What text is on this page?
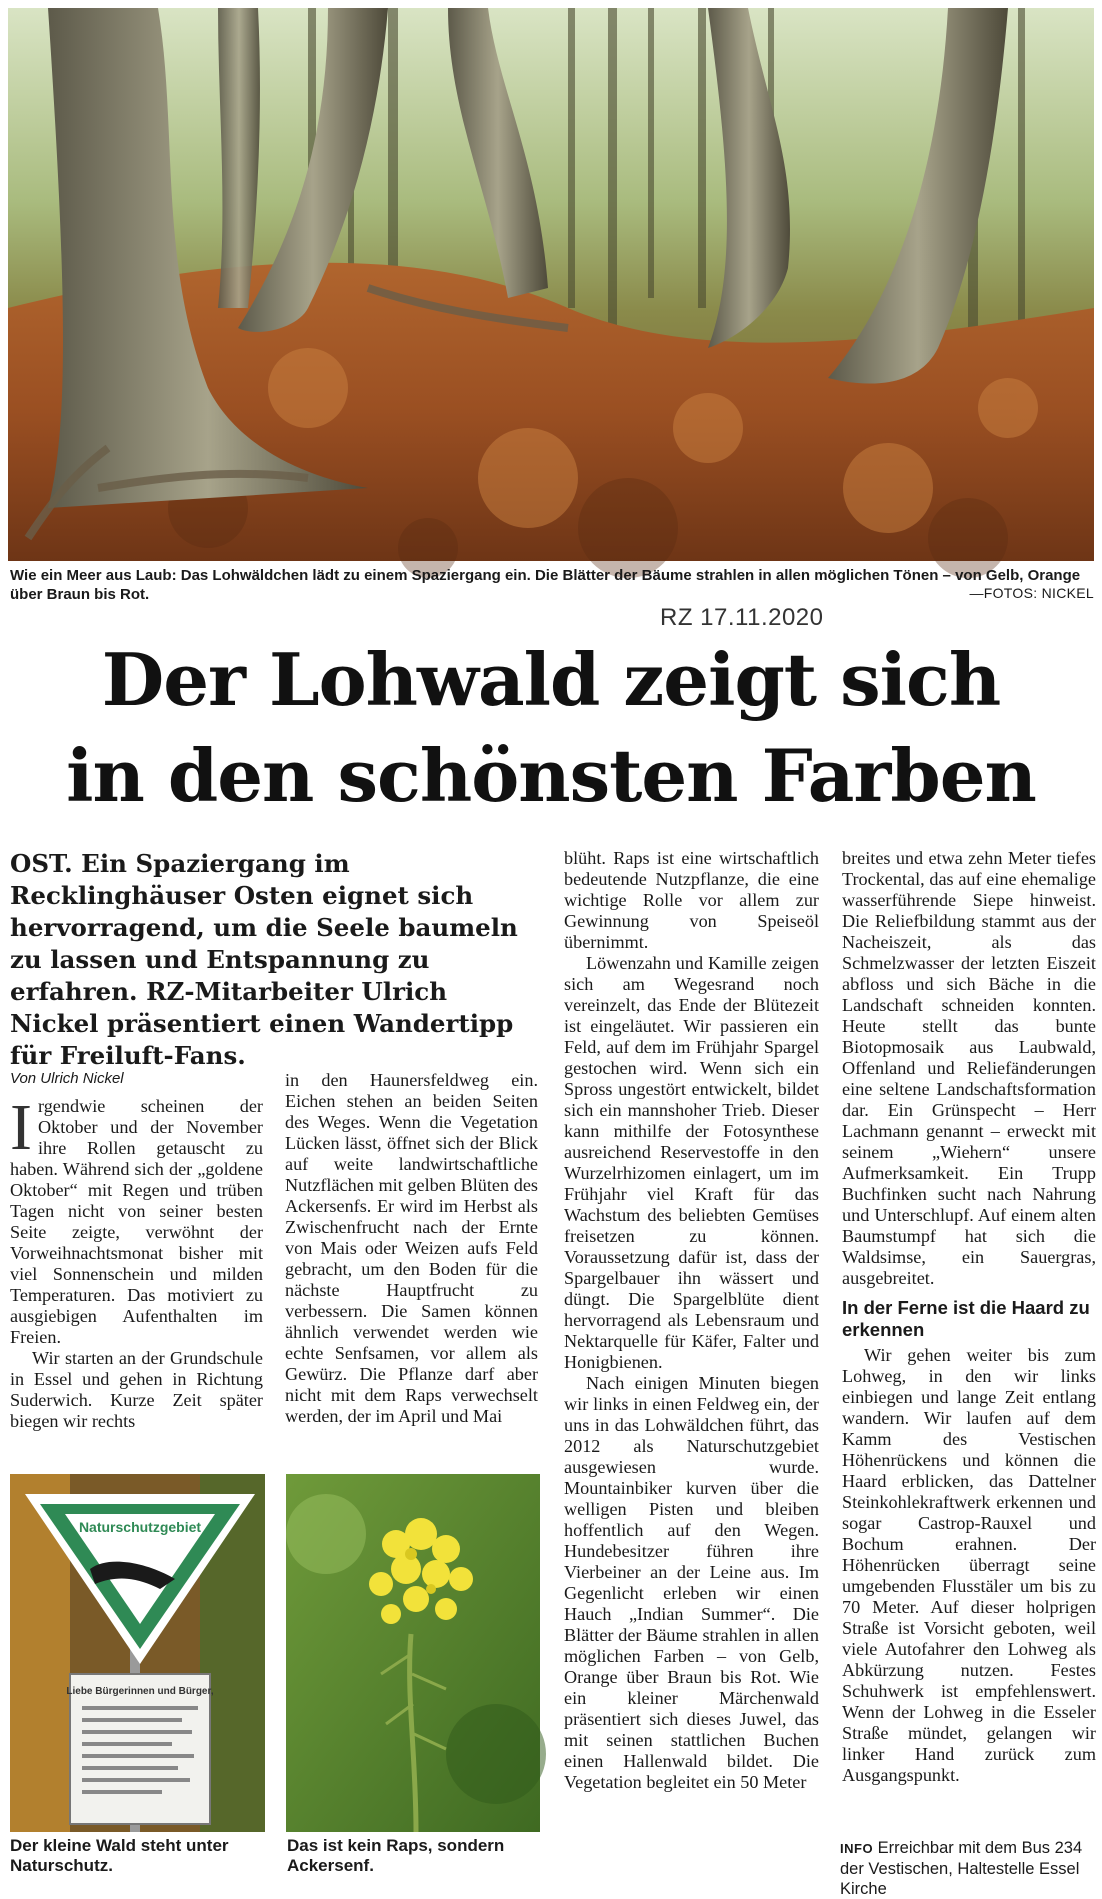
Wie ein Meer aus Laub: Das Lohwäldchen lädt zu einem Spaziergang ein. Die Blätter der Bäume strahlen in allen möglichen Tönen – von Gelb, Orange über Braun bis Rot.	—FOTOS: NICKEL
RZ 17.11.2020
Der Lohwald zeigt sich
in den schönsten Farben
OST. Ein Spaziergang im Recklinghäuser Osten eignet sich hervorragend, um die Seele baumeln zu lassen und Entspannung zu erfahren. RZ-Mitarbeiter Ulrich Nickel präsentiert einen Wandertipp für Freiluft-Fans.
Von Ulrich Nickel

Irgendwie scheinen der Oktober und der November ihre Rollen getauscht zu haben. Während sich der „goldene Oktober“ mit Regen und trüben Tagen nicht von seiner besten Seite zeigte, verwöhnt der Vorweihnachtsmonat bisher mit viel Sonnenschein und milden Temperaturen. Das motiviert zu ausgiebigen Aufenthalten im Freien.

Wir starten an der Grundschule in Essel und gehen in Richtung Suderwich. Kurze Zeit später biegen wir rechts

in den Haunersfeldweg ein. Eichen stehen an beiden Seiten des Weges. Wenn die Vegetation Lücken lässt, öffnet sich der Blick auf weite landwirtschaftliche Nutzflächen mit gelben Blüten des Ackersenfs. Er wird im Herbst als Zwischenfrucht nach der Ernte von Mais oder Weizen aufs Feld gebracht, um den Boden für die nächste Hauptfrucht zu verbessern. Die Samen können ähnlich verwendet werden wie echte Senfsamen, vor allem als Gewürz. Die Pflanze darf aber nicht mit dem Raps verwechselt werden, der im April und Mai

Naturschutzgebiet
Liebe Bürgerinnen und Bürger,
Der kleine Wald steht unter Naturschutz.
Das ist kein Raps, sondern Ackersenf.

blüht. Raps ist eine wirtschaftlich bedeutende Nutzpflanze, die eine wichtige Rolle vor allem zur Gewinnung von Speiseöl übernimmt.

Löwenzahn und Kamille zeigen sich am Wegesrand noch vereinzelt, das Ende der Blütezeit ist eingeläutet. Wir passieren ein Feld, auf dem im Frühjahr Spargel gestochen wird. Wenn sich ein Spross ungestört entwickelt, bildet sich ein mannshoher Trieb. Dieser kann mithilfe der Fotosynthese ausreichend Reservestoffe in den Wurzelrhizomen einlagert, um im Frühjahr viel Kraft für das Wachstum des beliebten Gemüses freisetzen zu können. Voraussetzung dafür ist, dass der Spargelbauer ihn wässert und düngt. Die Spargelblüte dient hervorragend als Lebensraum und Nektarquelle für Käfer, Falter und Honigbienen.

Nach einigen Minuten biegen wir links in einen Feldweg ein, der uns in das Lohwäldchen führt, das 2012 als Naturschutzgebiet ausgewiesen wurde. Mountainbiker kurven über die welligen Pisten und bleiben hoffentlich auf den Wegen. Hundebesitzer führen ihre Vierbeiner an der Leine aus. Im Gegenlicht erleben wir einen Hauch „Indian Summer“. Die Blätter der Bäume strahlen in allen möglichen Farben – von Gelb, Orange über Braun bis Rot. Wie ein kleiner Märchenwald präsentiert sich dieses Juwel, das mit seinen stattlichen Buchen einen Hallenwald bildet. Die Vegetation begleitet ein 50 Meter

breites und etwa zehn Meter tiefes Trockental, das auf eine ehemalige wasserführende Siepe hinweist. Die Reliefbildung stammt aus der Nacheiszeit, als das Schmelzwasser der letzten Eiszeit abfloss und sich Bäche in die Landschaft schneiden konnten. Heute stellt das bunte Biotopmosaik aus Laubwald, Offenland und Reliefänderungen eine seltene Landschaftsformation dar. Ein Grünspecht – Herr Lachmann genannt – erweckt mit seinem „Wiehern“ unsere Aufmerksamkeit. Ein Trupp Buchfinken sucht nach Nahrung und Unterschlupf. Auf einem alten Baumstumpf hat sich die Waldsimse, ein Sauergras, ausgebreitet.

In der Ferne ist die Haard zu erkennen

Wir gehen weiter bis zum Lohweg, in den wir links einbiegen und lange Zeit entlang wandern. Wir laufen auf dem Kamm des Vestischen Höhenrückens und können die Haard erblicken, das Dattelner Steinkohlekraftwerk erkennen und sogar Castrop-Rauxel und Bochum erahnen. Der Höhenrücken überragt seine umgebenden Flusstäler um bis zu 70 Meter. Auf dieser holprigen Straße ist Vorsicht geboten, weil viele Autofahrer den Lohweg als Abkürzung nutzen. Festes Schuhwerk ist empfehlenswert. Wenn der Lohweg in die Esseler Straße mündet, gelangen wir linker Hand zurück zum Ausgangspunkt.

INFO Erreichbar mit dem Bus 234 der Vestischen, Haltestelle Essel Kirche
